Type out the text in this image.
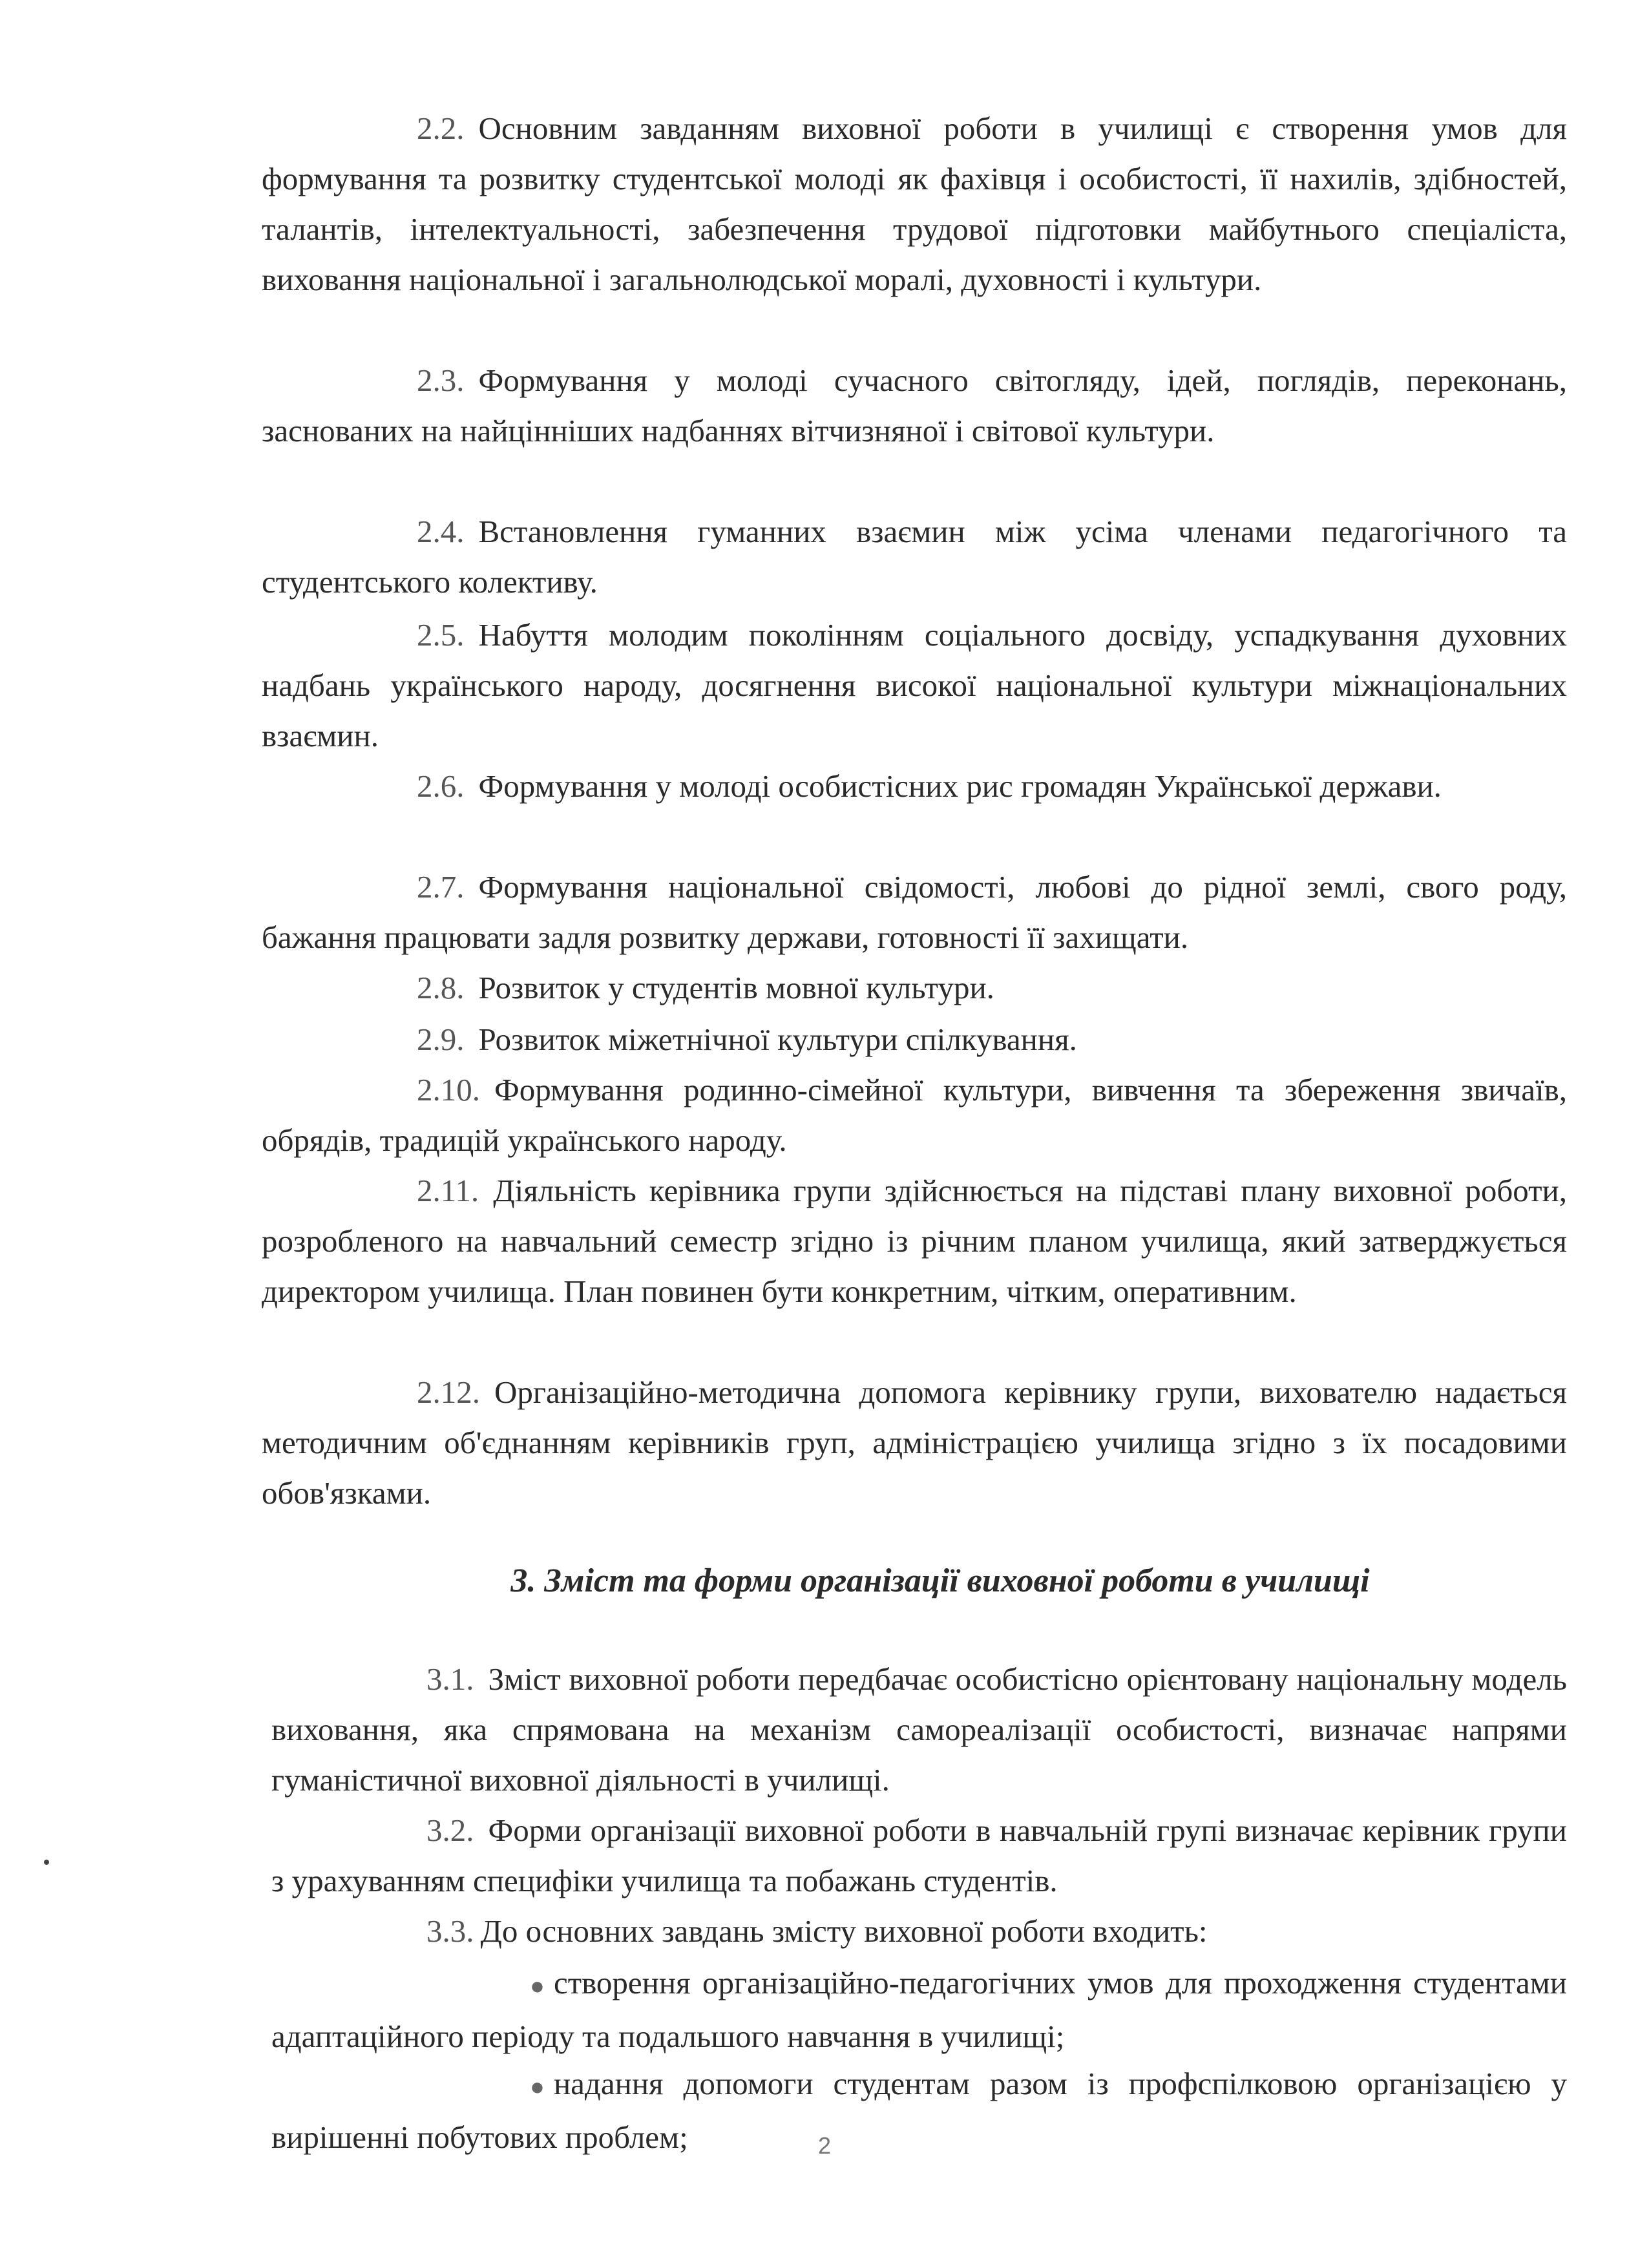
2.2. Основним завданням виховної роботи в училищі є створення умов для формування та розвитку студентської молоді як фахівця і особистості, її нахилів, здібностей, талантів, інтелектуальності, забезпечення трудової підготовки майбутнього спеціаліста, виховання національної і загальнолюдської моралі, духовності і культури.

2.3. Формування у молоді сучасного світогляду, ідей, поглядів, переконань, заснованих на найцінніших надбаннях вітчизняної і світової культури.

2.4. Встановлення гуманних взаємин між усіма членами педагогічного та студентського колективу.

2.5. Набуття молодим поколінням соціального досвіду, успадкування духовних надбань українського народу, досягнення високої національної культури міжнаціональних взаємин.

2.6. Формування у молоді особистісних рис громадян Української держави.

2.7. Формування національної свідомості, любові до рідної землі, свого роду, бажання працювати задля розвитку держави, готовності її захищати.

2.8. Розвиток у студентів мовної культури.

2.9. Розвиток міжетнічної культури спілкування.

2.10. Формування родинно-сімейної культури, вивчення та збереження звичаїв, обрядів, традицій українського народу.

2.11. Діяльність керівника групи здійснюється на підставі плану виховної роботи, розробленого на навчальний семестр згідно із річним планом училища, який затверджується директором училища. План повинен бути конкретним, чітким, оперативним.

2.12. Організаційно-методична допомога керівнику групи, вихователю надається методичним об'єднанням керівників груп, адміністрацією училища згідно з їх посадовими обов'язками.

3. Зміст та форми організації виховної роботи в училищі

3.1. Зміст виховної роботи передбачає особистісно орієнтовану національну модель виховання, яка спрямована на механізм самореалізації особистості, визначає напрями гуманістичної виховної діяльності в училищі.

3.2. Форми організації виховної роботи в навчальній групі визначає керівник групи з урахуванням специфіки училища та побажань студентів.

3.3. До основних завдань змісту виховної роботи входить:

● створення організаційно-педагогічних умов для проходження студентами адаптаційного періоду та подальшого навчання в училищі;

● надання допомоги студентам разом із профспілковою організацією у вирішенні побутових проблем;	2
